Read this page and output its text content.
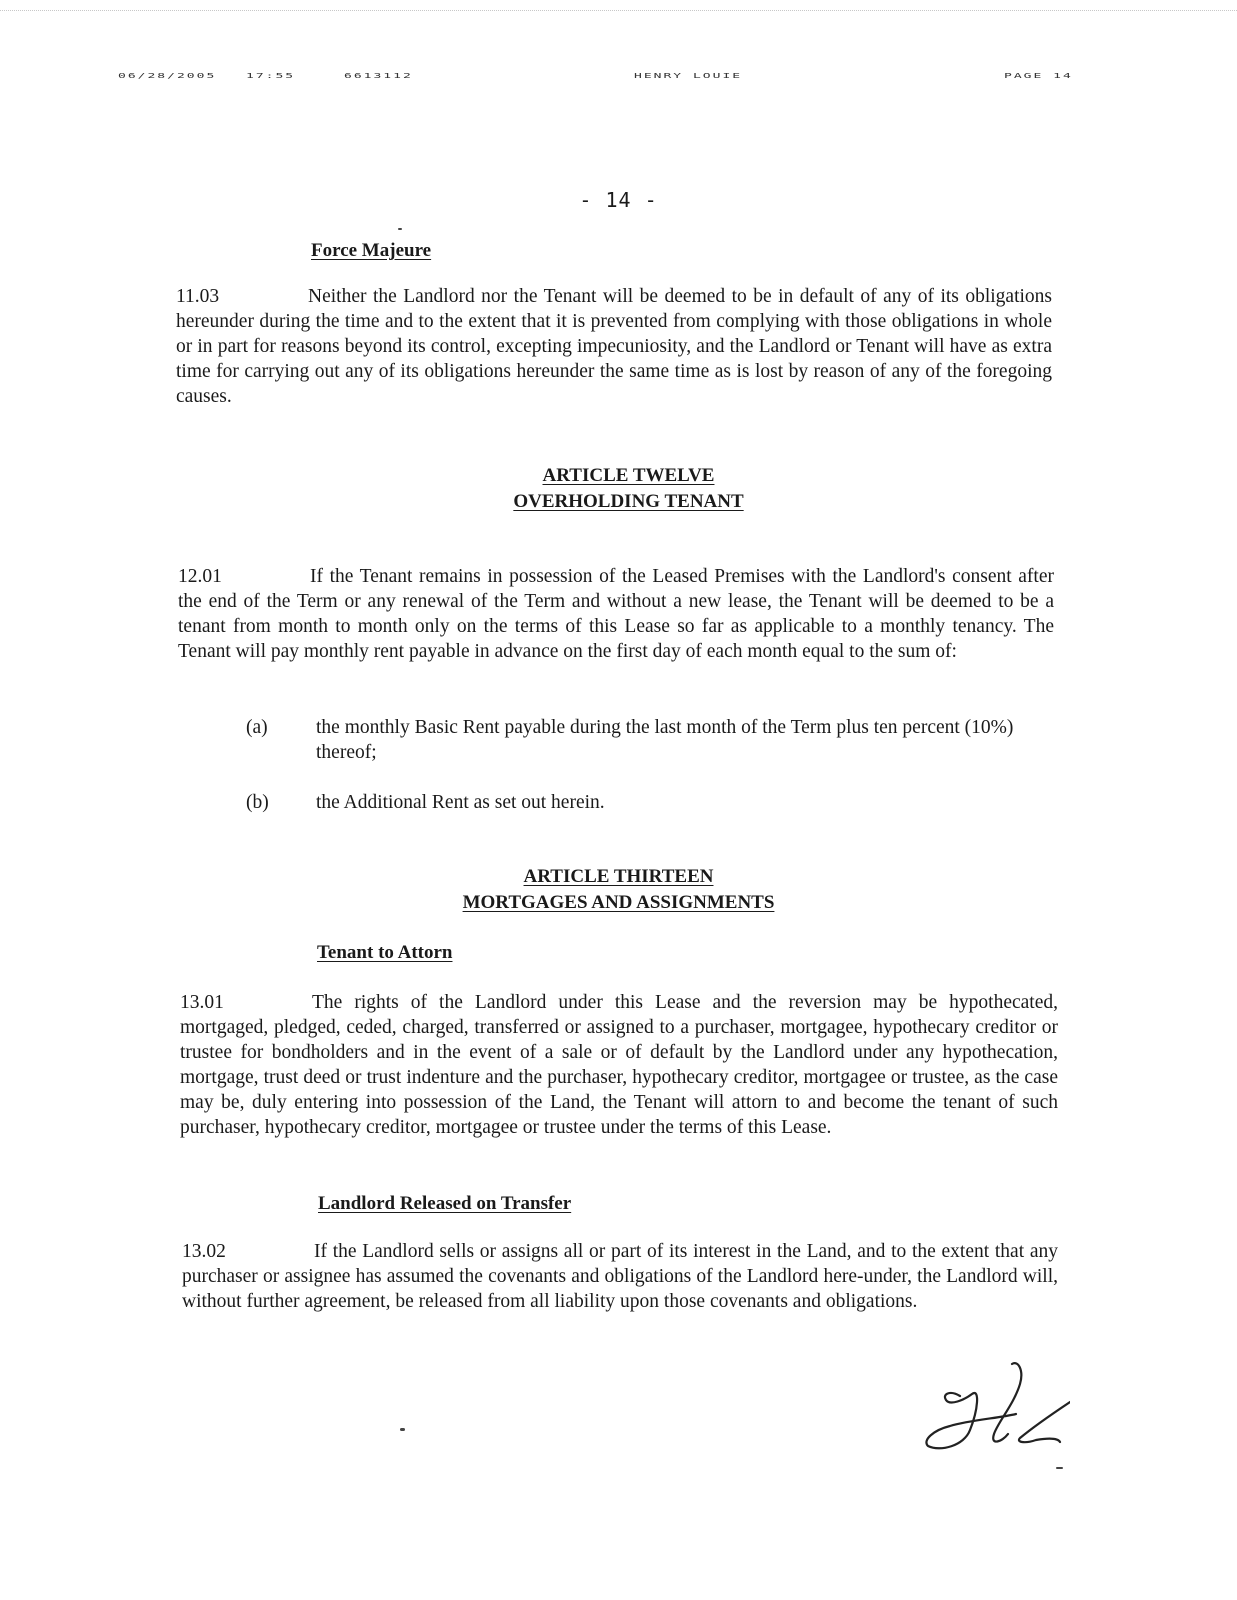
06/28/2005 17:55	6613112	HENRY LOUIE	PAGE 14
- 14 -
Force Majeure
11.03	Neither the Landlord nor the Tenant will be deemed to be in default of any of its obligations hereunder during the time and to the extent that it is prevented from complying with those obligations in whole or in part for reasons beyond its control, excepting impecuniosity, and the Landlord or Tenant will have as extra time for carrying out any of its obligations hereunder the same time as is lost by reason of any of the foregoing causes.
ARTICLE TWELVE
OVERHOLDING TENANT
12.01	If the Tenant remains in possession of the Leased Premises with the Landlord's consent after the end of the Term or any renewal of the Term and without a new lease, the Tenant will be deemed to be a tenant from month to month only on the terms of this Lease so far as applicable to a monthly tenancy. The Tenant will pay monthly rent payable in advance on the first day of each month equal to the sum of:
(a) the monthly Basic Rent payable during the last month of the Term plus ten percent (10%) thereof;
(b) the Additional Rent as set out herein.
ARTICLE THIRTEEN
MORTGAGES AND ASSIGNMENTS
Tenant to Attorn
13.01	The rights of the Landlord under this Lease and the reversion may be hypothecated, mortgaged, pledged, ceded, charged, transferred or assigned to a purchaser, mortgagee, hypothecary creditor or trustee for bondholders and in the event of a sale or of default by the Landlord under any hypothecation, mortgage, trust deed or trust indenture and the purchaser, hypothecary creditor, mortgagee or trustee, as the case may be, duly entering into possession of the Land, the Tenant will attorn to and become the tenant of such purchaser, hypothecary creditor, mortgagee or trustee under the terms of this Lease.
Landlord Released on Transfer
13.02	If the Landlord sells or assigns all or part of its interest in the Land, and to the extent that any purchaser or assignee has assumed the covenants and obligations of the Landlord here-under, the Landlord will, without further agreement, be released from all liability upon those covenants and obligations.
